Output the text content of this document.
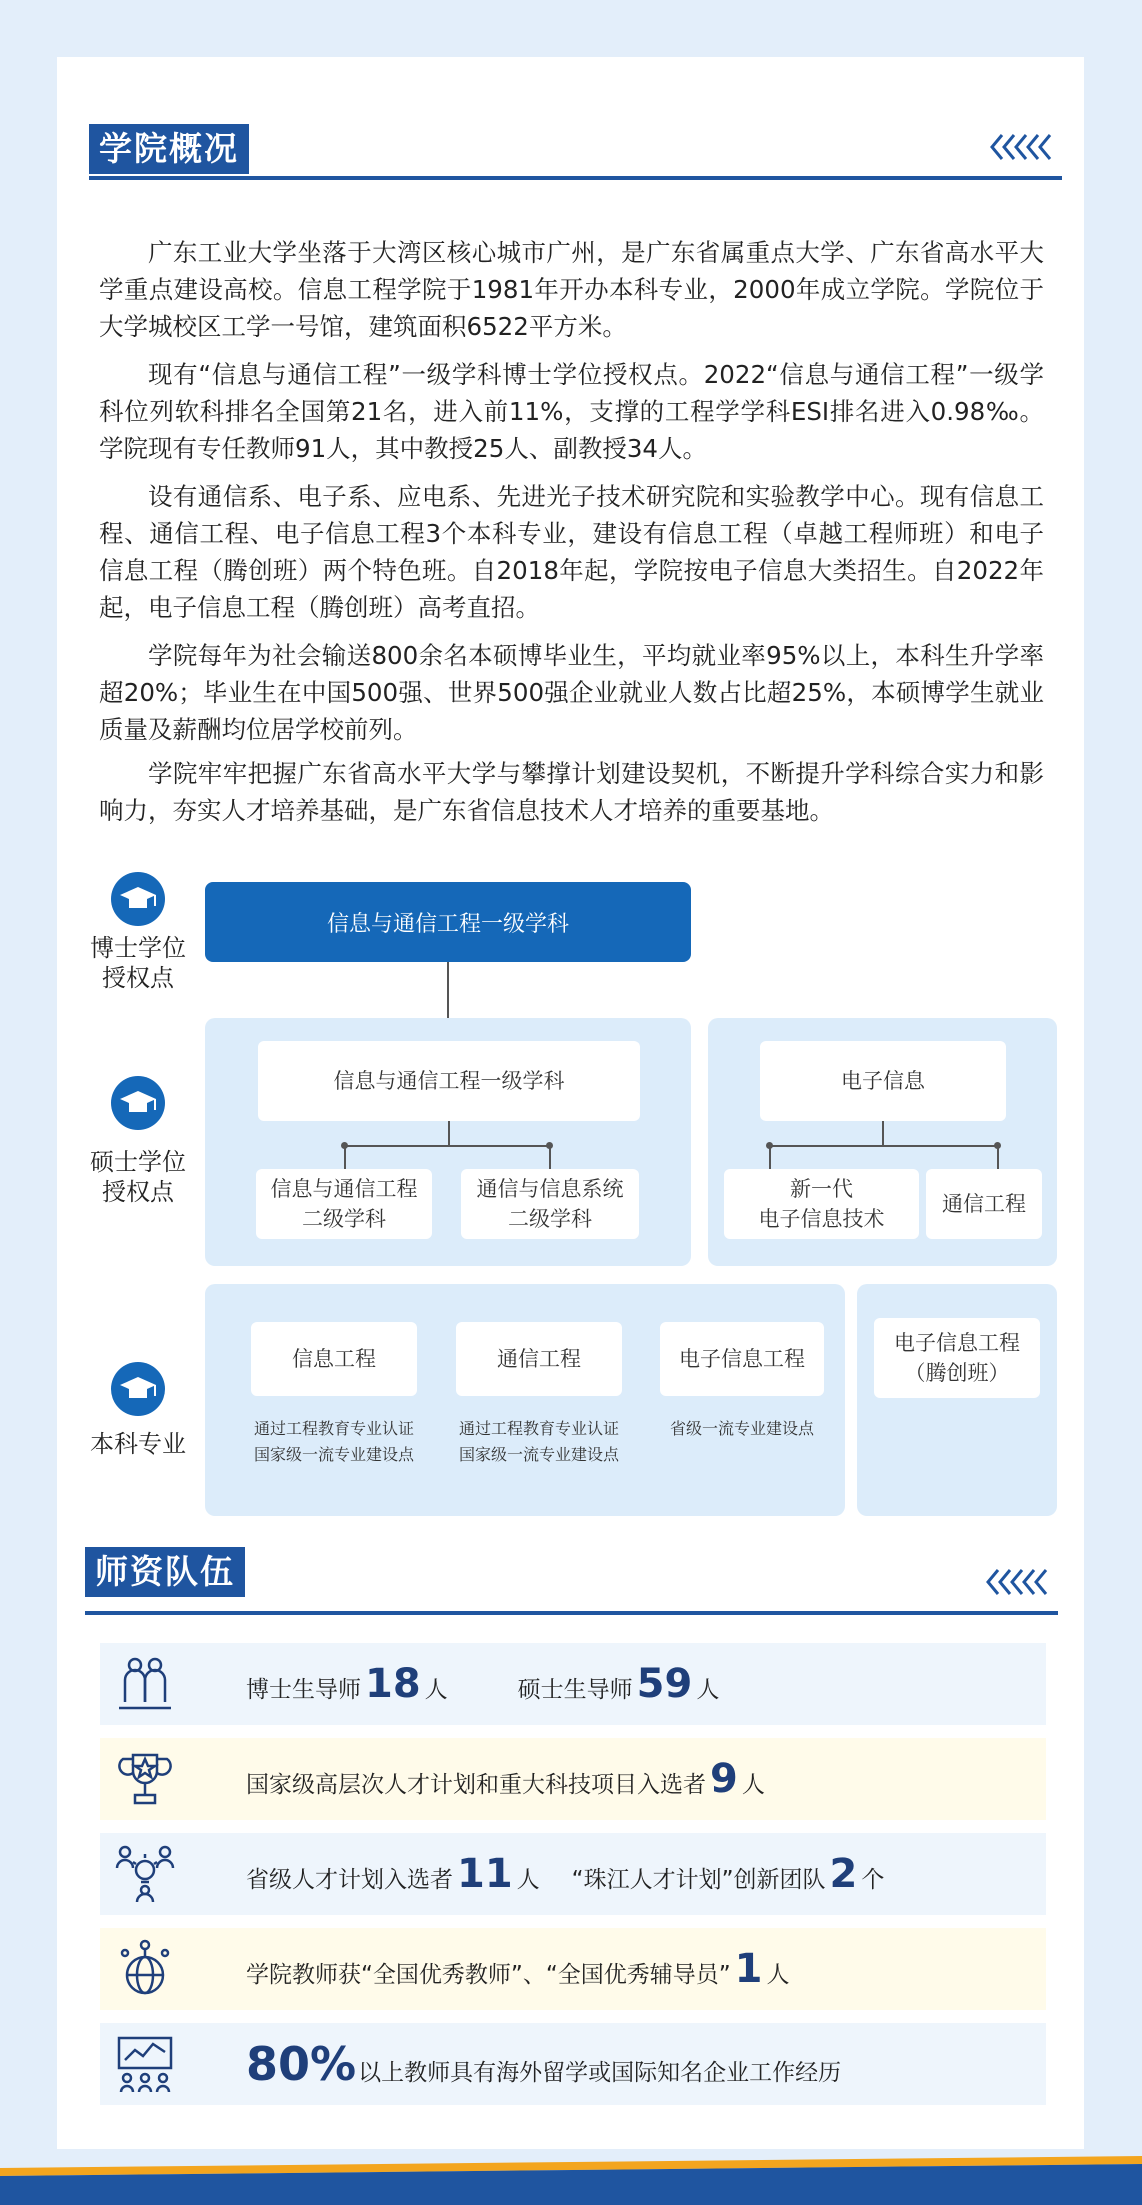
学院概况

广东工业大学坐落于大湾区核心城市广州，是广东省属重点大学、广东省高水平大学重点建设高校。信息工程学院于1981年开办本科专业，2000年成立学院。学院位于大学城校区工学一号馆，建筑面积6522平方米。

现有“信息与通信工程”一级学科博士学位授权点。2022“信息与通信工程”一级学科位列软科排名全国第21名，进入前11%，支撑的工程学学科ESI排名进入0.98‰。学院现有专任教师91人，其中教授25人、副教授34人。

设有通信系、电子系、应电系、先进光子技术研究院和实验教学中心。现有信息工程、通信工程、电子信息工程3个本科专业，建设有信息工程（卓越工程师班）和电子信息工程（腾创班）两个特色班。自2018年起，学院按电子信息大类招生。自2022年起，电子信息工程（腾创班）高考直招。

学院每年为社会输送800余名本硕博毕业生，平均就业率95%以上，本科生升学率超20%；毕业生在中国500强、世界500强企业就业人数占比超25%，本硕博学生就业质量及薪酬均位居学校前列。

学院牢牢把握广东省高水平大学与攀撑计划建设契机，不断提升学科综合实力和影响力，夯实人才培养基础，是广东省信息技术人才培养的重要基地。

博士学位
授权点
硕士学位
授权点
本科专业
信息与通信工程一级学科
信息与通信工程一级学科
信息与通信工程
二级学科
通信与信息系统
二级学科
电子信息
新一代
电子信息技术
通信工程
信息工程
通过工程教育专业认证
国家级一流专业建设点
通信工程
通过工程教育专业认证
国家级一流专业建设点
电子信息工程
省级一流专业建设点
电子信息工程
（腾创班）
师资队伍
博士生导师 18 人	硕士生导师 59 人
国家级高层次人才计划和重大科技项目入选者 9 人
省级人才计划入选者 11 人 “珠江人才计划”创新团队 2 个
学院教师获“全国优秀教师”、“全国优秀辅导员” 1 人
80% 以上教师具有海外留学或国际知名企业工作经历
